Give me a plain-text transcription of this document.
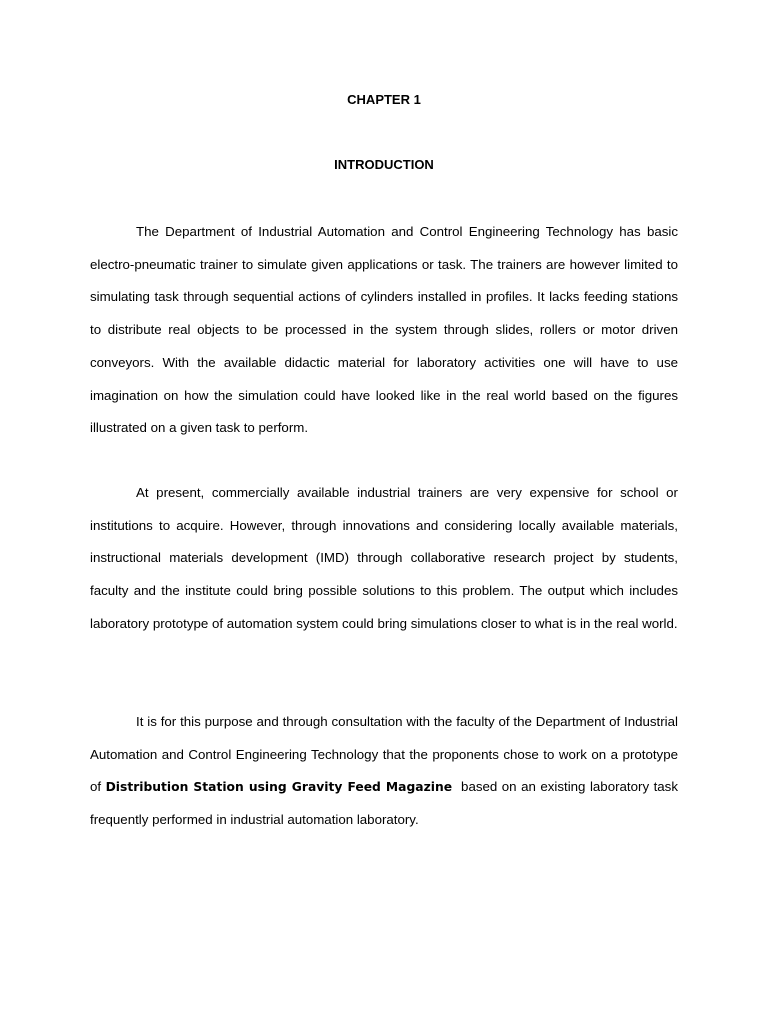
CHAPTER 1
INTRODUCTION

The Department of Industrial Automation and Control Engineering Technology has basic electro-pneumatic trainer to simulate given applications or task. The trainers are however limited to simulating task through sequential actions of cylinders installed in profiles. It lacks feeding stations to distribute real objects to be processed in the system through slides, rollers or motor driven conveyors. With the available didactic material for laboratory activities one will have to use imagination on how the simulation could have looked like in the real world based on the figures illustrated on a given task to perform.

At present, commercially available industrial trainers are very expensive for school or institutions to acquire. However, through innovations and considering locally available materials, instructional materials development (IMD) through collaborative research project by students, faculty and the institute could bring possible solutions to this problem. The output which includes laboratory prototype of automation system could bring simulations closer to what is in the real world.

It is for this purpose and through consultation with the faculty of the Department of Industrial Automation and Control Engineering Technology that the proponents chose to work on a prototype of Distribution Station using Gravity Feed Magazine  based on an existing laboratory task frequently performed in industrial automation laboratory.
